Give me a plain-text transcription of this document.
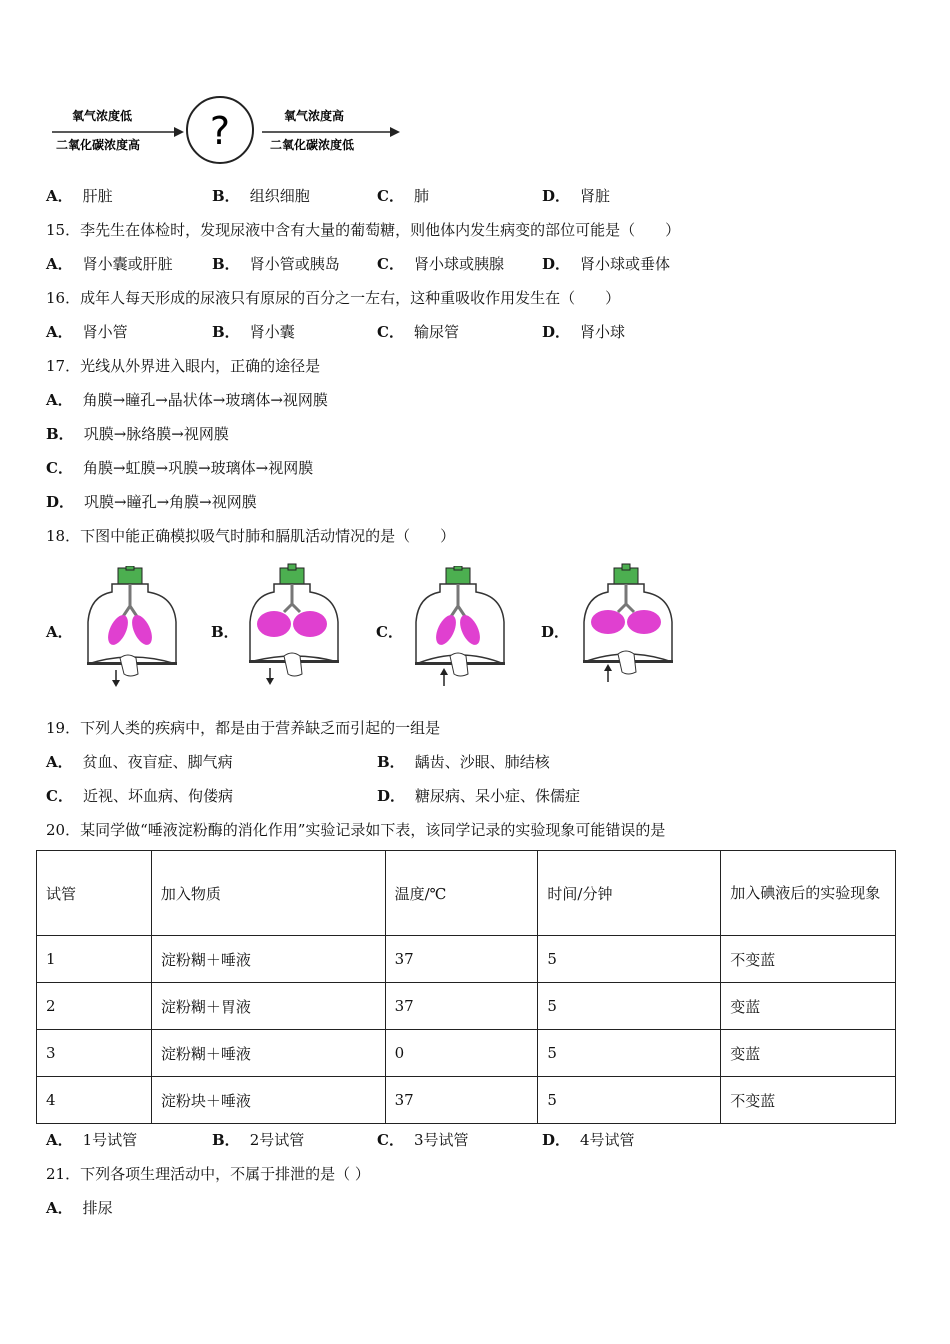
氧气浓度低
二氧化碳浓度高 ?	氧气浓度高
二氧化碳浓度低
A． 肝脏	B． 组织细胞	C． 肺	D． 肾脏
15．李先生在体检时，发现尿液中含有大量的葡萄糖，则他体内发生病变的部位可能是（　　）
A． 肾小囊或肝脏	B． 肾小管或胰岛 C． 肾小球或胰腺	D． 肾小球或垂体
16．成年人每天形成的尿液只有原尿的百分之一左右，这种重吸收作用发生在（　　）
A． 肾小管	B． 肾小囊	C． 输尿管	D． 肾小球
17．光线从外界进入眼内，正确的途径是
A． 角膜→瞳孔→晶状体→玻璃体→视网膜
B． 巩膜→脉络膜→视网膜
C． 角膜→虹膜→巩膜→玻璃体→视网膜
D． 巩膜→瞳孔→角膜→视网膜
18．下图中能正确模拟吸气时肺和膈肌活动情况的是（　　）
A．	B．	C．	D．
19．下列人类的疾病中，都是由于营养缺乏而引起的一组是
A． 贫血、夜盲症、脚气病	B． 龋齿、沙眼、肺结核
C． 近视、坏血病、佝偻病	D． 糖尿病、呆小症、侏儒症
20．某同学做“唾液淀粉酶的消化作用”实验记录如下表，该同学记录的实验现象可能错误的是
试管	加入物质	温度/℃	时间/分钟	加入碘液后的实验现象
1	淀粉糊＋唾液	37	5	不变蓝
2	淀粉糊＋胃液	37	5	变蓝
3	淀粉糊＋唾液	0	5	变蓝
4	淀粉块＋唾液	37	5	不变蓝
A． 1号试管	B． 2号试管	C． 3号试管	D． 4号试管
21．下列各项生理活动中，不属于排泄的是（ ）
A． 排尿
